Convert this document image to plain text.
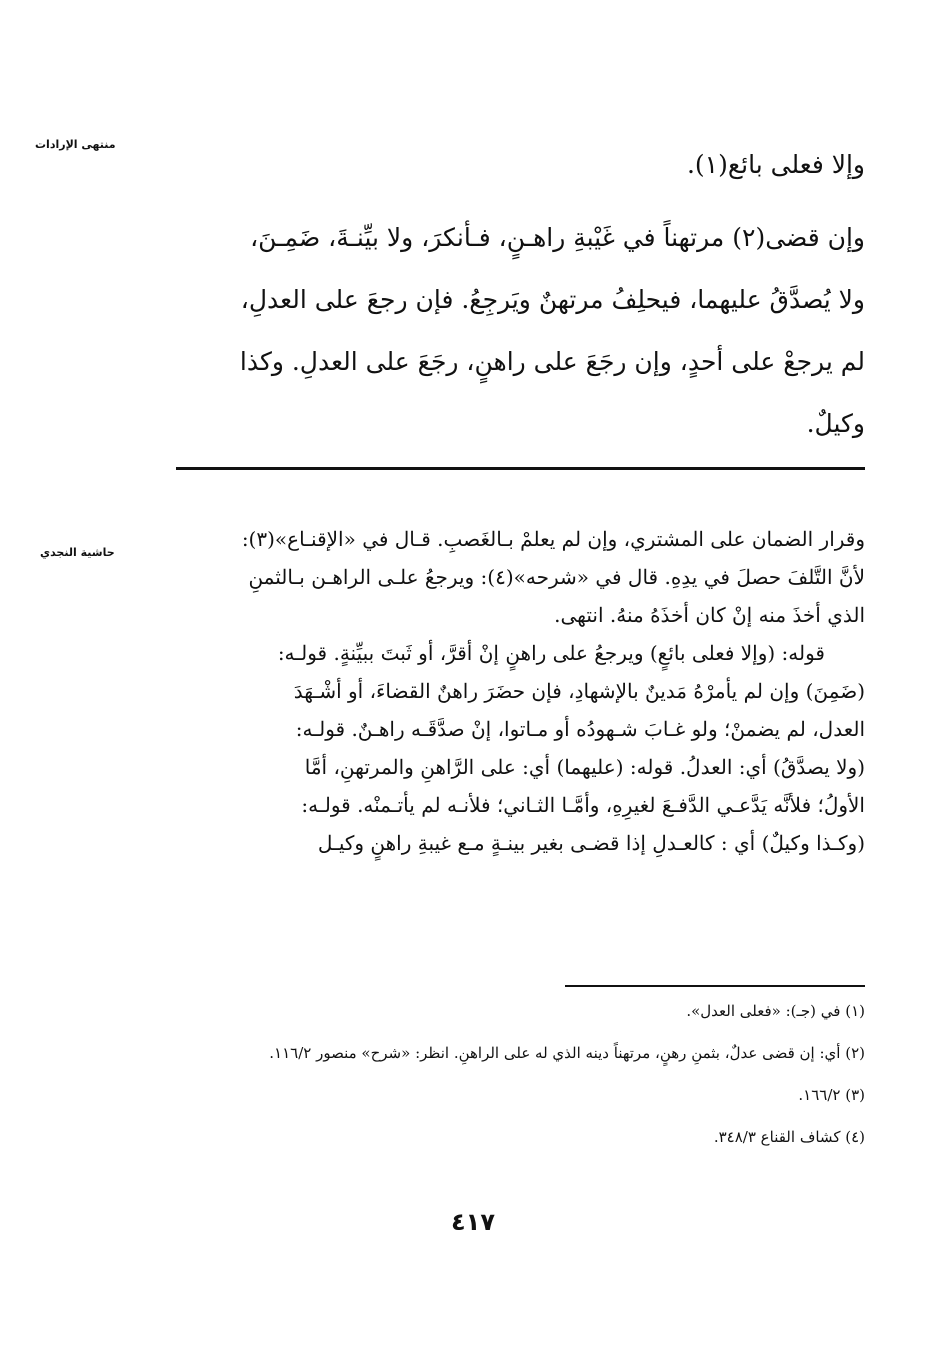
منتهى الإرادات
حاشية النجدي

وإلا فعلى بائع(١).

وإن قضى(٢) مرتهناً في غَيْبةِ راهـنٍ، فـأنكرَ، ولا بيِّنـةَ، ضَمِـنَ،

ولا يُصدَّقُ عليهما، فيحلِفُ مرتهنٌ ويَرجِعُ. فإن رجعَ على العدلِ،

لم يرجعْ على أحدٍ، وإن رجَعَ على راهنٍ، رجَعَ على العدلِ. وكذا

وكيلٌ.

وقرار الضمان على المشتري، وإن لم يعلمْ بـالغَصبِ. قـال في «الإقنـاع»(٣):

لأنَّ التَّلفَ حصلَ في يدِهِ. قال في «شرحه»(٤): ويرجعُ علـى الراهـن بـالثمنِ

الذي أخذَ منه إنْ كان أخذَهُ منهُ. انتهى.

قوله: (وإلا فعلى بائعٍ) ويرجعُ على راهنٍ إنْ أقرَّ، أو ثَبتَ ببيِّنةٍ. قولـه:

(ضَمِنَ) وإن لم يأمرْهُ مَدينٌ بالإشهادِ، فإن حضَرَ راهنٌ القضاءَ، أو أشْـهَدَ

العدل، لم يضمنْ؛ ولو غـابَ شـهودُه أو مـاتوا، إنْ صدَّقَـه راهـنٌ. قولـه:

(ولا يصدَّقُ) أي: العدلُ. قوله: (عليهما) أي: على الرَّاهنِ والمرتهنِ، أمَّا

الأولُ؛ فلأنَّه يَدَّعـي الدَّفـعَ لغيرِهِ، وأمَّـا الثـاني؛ فلأنـه لم يأتـمنْه. قولـه:

(وكـذا وكيلٌ) أي : كالعـدلِ إذا قضـى بغير بينـةٍ مـع غيبةِ راهنٍ وكيـل

(١) في (جـ): «فعلى العدل».

(٢) أي: إن قضى عدلٌ، بثمنِ رهنٍ، مرتهناً دينه الذي له على الراهنِ. انظر: «شرح» منصور ١١٦/٢.

(٣) ١٦٦/٢.

(٤) كشاف القناع ٣٤٨/٣.

٤١٧
